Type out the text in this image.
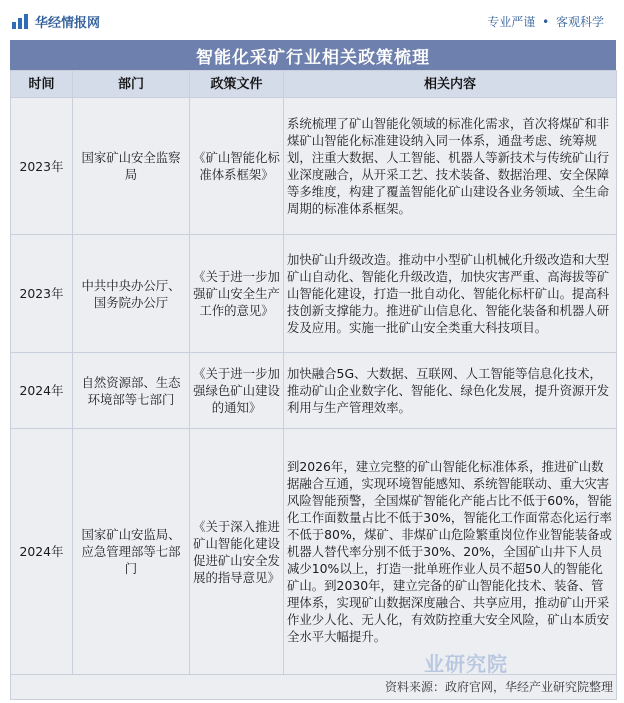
华经情报网	专业严谨 • 客观科学
智能化采矿行业相关政策梳理
时间	部门	政策文件	相关内容
2023年	国家矿山安全监察局	《矿山智能化标准体系框架》	系统梳理了矿山智能化领域的标准化需求，首次将煤矿和非煤矿山智能化标准建设纳入同一体系，通盘考虑、统筹规划，注重大数据、人工智能、机器人等新技术与传统矿山行业深度融合，从开采工艺、技术装备、数据治理、安全保障等多维度，构建了覆盖智能化矿山建设各业务领域、全生命周期的标准体系框架。
2023年	中共中央办公厅、国务院办公厅	《关于进一步加强矿山安全生产工作的意见》	加快矿山升级改造。推动中小型矿山机械化升级改造和大型矿山自动化、智能化升级改造，加快灾害严重、高海拔等矿山智能化建设，打造一批自动化、智能化标杆矿山。提高科技创新支撑能力。推进矿山信息化、智能化装备和机器人研发及应用。实施一批矿山安全类重大科技项目。
2024年	自然资源部、生态环境部等七部门	《关于进一步加强绿色矿山建设的通知》	加快融合5G、大数据、互联网、人工智能等信息化技术，推动矿山企业数字化、智能化、绿色化发展，提升资源开发利用与生产管理效率。
2024年	国家矿山安监局、应急管理部等七部门	《关于深入推进矿山智能化建设促进矿山安全发展的指导意见》	到2026年，建立完整的矿山智能化标准体系，推进矿山数据融合互通，实现环境智能感知、系统智能联动、重大灾害风险智能预警，全国煤矿智能化产能占比不低于60%，智能化工作面数量占比不低于30%，智能化工作面常态化运行率不低于80%，煤矿、非煤矿山危险繁重岗位作业智能装备或机器人替代率分别不低于30%、20%，全国矿山井下人员减少10%以上，打造一批单班作业人员不超50人的智能化矿山。到2030年，建立完备的矿山智能化技术、装备、管理体系，实现矿山数据深度融合、共享应用，推动矿山开采作业少人化、无人化，有效防控重大安全风险，矿山本质安全水平大幅提升。
资料来源：政府官网，华经产业研究院整理			
业研究院
